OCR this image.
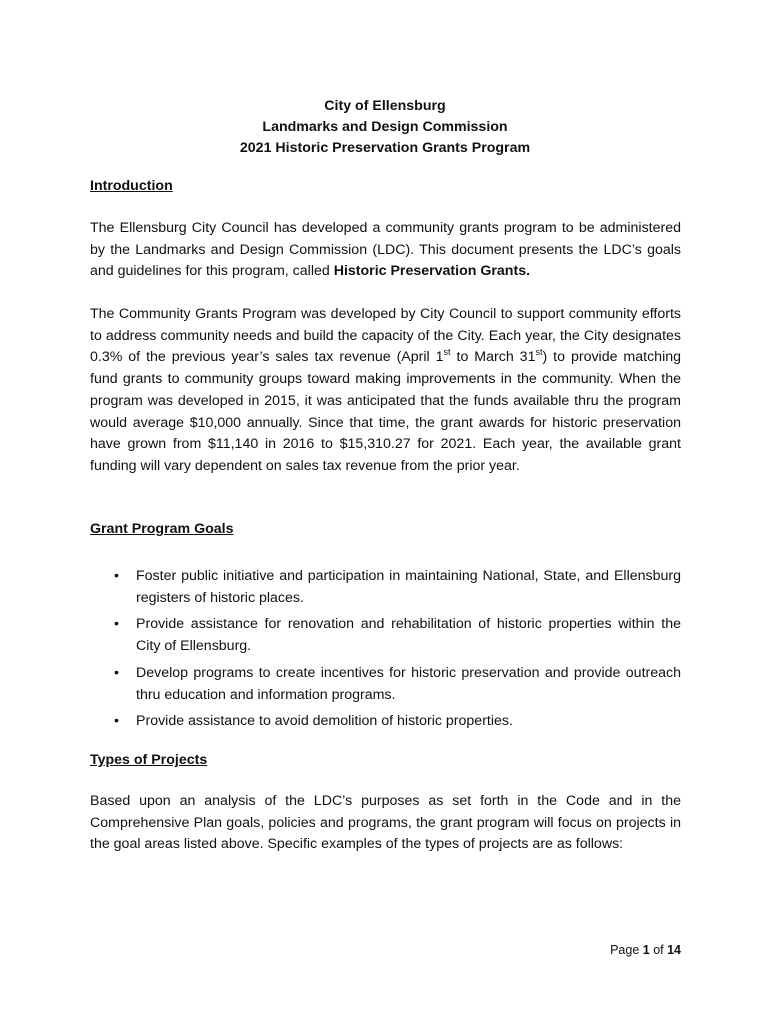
City of Ellensburg
Landmarks and Design Commission
2021 Historic Preservation Grants Program
Introduction
The Ellensburg City Council has developed a community grants program to be administered by the Landmarks and Design Commission (LDC). This document presents the LDC’s goals and guidelines for this program, called Historic Preservation Grants.
The Community Grants Program was developed by City Council to support community efforts to address community needs and build the capacity of the City. Each year, the City designates 0.3% of the previous year’s sales tax revenue (April 1st to March 31st) to provide matching fund grants to community groups toward making improvements in the community. When the program was developed in 2015, it was anticipated that the funds available thru the program would average $10,000 annually. Since that time, the grant awards for historic preservation have grown from $11,140 in 2016 to $15,310.27 for 2021. Each year, the available grant funding will vary dependent on sales tax revenue from the prior year.
Grant Program Goals
• Foster public initiative and participation in maintaining National, State, and Ellensburg registers of historic places.
• Provide assistance for renovation and rehabilitation of historic properties within the City of Ellensburg.
• Develop programs to create incentives for historic preservation and provide outreach thru education and information programs.
• Provide assistance to avoid demolition of historic properties.
Types of Projects
Based upon an analysis of the LDC’s purposes as set forth in the Code and in the Comprehensive Plan goals, policies and programs, the grant program will focus on projects in the goal areas listed above. Specific examples of the types of projects are as follows:
Page 1 of 14
